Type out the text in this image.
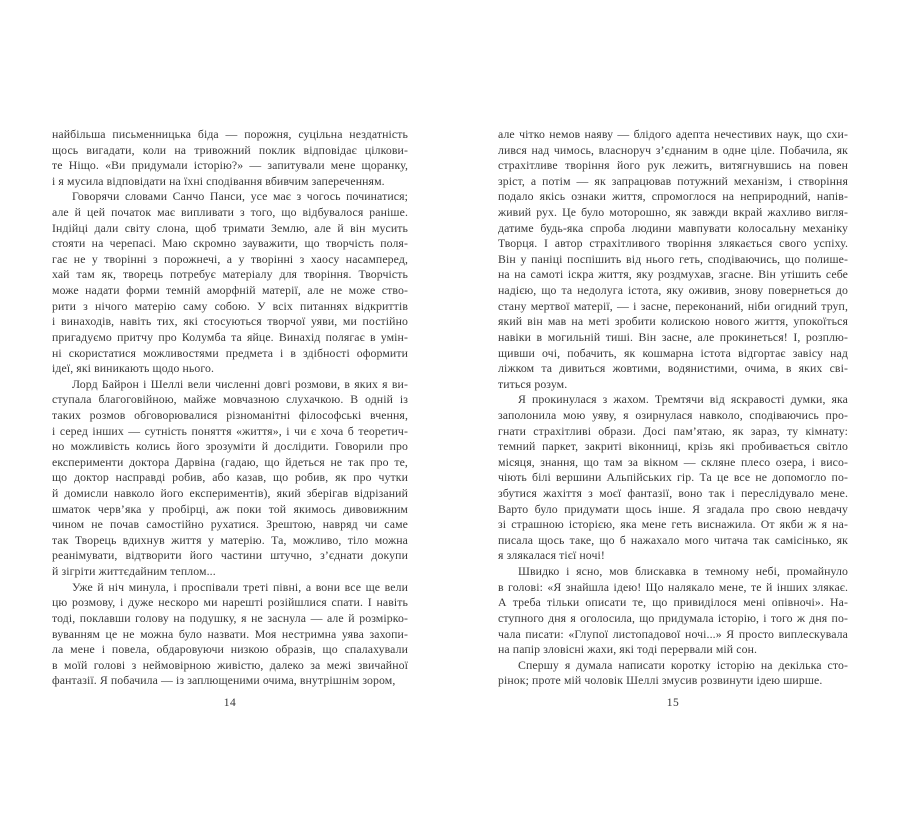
найбільша письменницька біда — порожня, суцільна нездатність
щось вигадати, коли на тривожний поклик відповідає цілкови-
те Ніщо. «Ви придумали історію?» — запитували мене щоранку,
і я мусила відповідати на їхні сподівання вбивчим запереченням.
Говорячи словами Санчо Панси, усе має з чогось починатися;
але й цей початок має випливати з того, що відбувалося раніше.
Індійці дали світу слона, щоб тримати Землю, але й він мусить
стояти на черепасі. Маю скромно зауважити, що творчість поля-
гає не у творінні з порожнечі, а у творінні з хаосу насамперед,
хай там як, творець потребує матеріалу для творіння. Творчість
може надати форми темній аморфній матерії, але не може ство-
рити з нічого матерію саму собою. У всіх питаннях відкриттів
і винаходів, навіть тих, які стосуються творчої уяви, ми постійно
пригадуємо притчу про Колумба та яйце. Винахід полягає в умін-
ні скористатися можливостями предмета і в здібності оформити
ідеї, які виникають щодо нього.
Лорд Байрон і Шеллі вели численні довгі розмови, в яких я ви-
ступала благоговійною, майже мовчазною слухачкою. В одній із
таких розмов обговорювалися різноманітні філософські вчення,
і серед інших — сутність поняття «життя», і чи є хоча б теоретич-
но можливість колись його зрозуміти й дослідити. Говорили про
експерименти доктора Дарвіна (гадаю, що йдеться не так про те,
що доктор насправді робив, або казав, що робив, як про чутки
й домисли навколо його експериментів), який зберігав відрізаний
шматок черв’яка у пробірці, аж поки той якимось дивовижним
чином не почав самостійно рухатися. Зрештою, навряд чи саме
так Творець вдихнув життя у матерію. Та, можливо, тіло можна
реанімувати, відтворити його частини штучно, з’єднати докупи
й зігріти життєдайним теплом...
Уже й ніч минула, і проспівали треті півні, а вони все ще вели
цю розмову, і дуже нескоро ми нарешті розійшлися спати. І навіть
тоді, поклавши голову на подушку, я не заснула — але й розмірко-
вуванням це не можна було назвати. Моя нестримна уява захопи-
ла мене і повела, обдаровуючи низкою образів, що спалахували
в моїй голові з неймовірною живістю, далеко за межі звичайної
фантазії. Я побачила — із заплющеними очима, внутрішнім зором,
14
але чітко немов наяву — блідого адепта нечестивих наук, що схи-
лився над чимось, власноруч з’єднаним в одне ціле. Побачила, як
страхітливе творіння його рук лежить, витягнувшись на повен
зріст, а потім — як запрацював потужний механізм, і створіння
подало якісь ознаки життя, спромоглося на неприродний, напів-
живий рух. Це було моторошно, як завжди вкрай жахливо вигля-
датиме будь-яка спроба людини мавпувати колосальну механіку
Творця. І автор страхітливого творіння злякається свого успіху.
Він у паніці поспішить від нього геть, сподіваючись, що полише-
на на самоті іскра життя, яку роздмухав, згасне. Він утішить себе
надією, що та недолуга істота, яку оживив, знову повернеться до
стану мертвої матерії, — і засне, переконаний, ніби огидний труп,
який він мав на меті зробити колискою нового життя, упокоїться
навіки в могильній тиші. Він засне, але прокинеться! І, розплю-
щивши очі, побачить, як кошмарна істота відгортає завісу над
ліжком та дивиться жовтими, водянистими, очима, в яких сві-
титься розум.
Я прокинулася з жахом. Тремтячи від яскравості думки, яка
заполонила мою уяву, я озирнулася навколо, сподіваючись про-
гнати страхітливі образи. Досі пам’ятаю, як зараз, ту кімнату:
темний паркет, закриті віконниці, крізь які пробивається світло
місяця, знання, що там за вікном — скляне плесо озера, і висо-
чіють білі вершини Альпійських гір. Та це все не допомогло по-
збутися жахіття з моєї фантазії, воно так і переслідувало мене.
Варто було придумати щось інше. Я згадала про свою невдачу
зі страшною історією, яка мене геть виснажила. От якби ж я на-
писала щось таке, що б нажахало мого читача так самісінько, як
я злякалася тієї ночі!
Швидко і ясно, мов блискавка в темному небі, промайнуло
в голові: «Я знайшла ідею! Що налякало мене, те й інших злякає.
А треба тільки описати те, що привиділося мені опівночі». На-
ступного дня я оголосила, що придумала історію, і того ж дня по-
чала писати: «Глупої листопадової ночі...» Я просто виплескувала
на папір зловісні жахи, які тоді перервали мій сон.
Спершу я думала написати коротку історію на декілька сто-
рінок; проте мій чоловік Шеллі змусив розвинути ідею ширше.
15
